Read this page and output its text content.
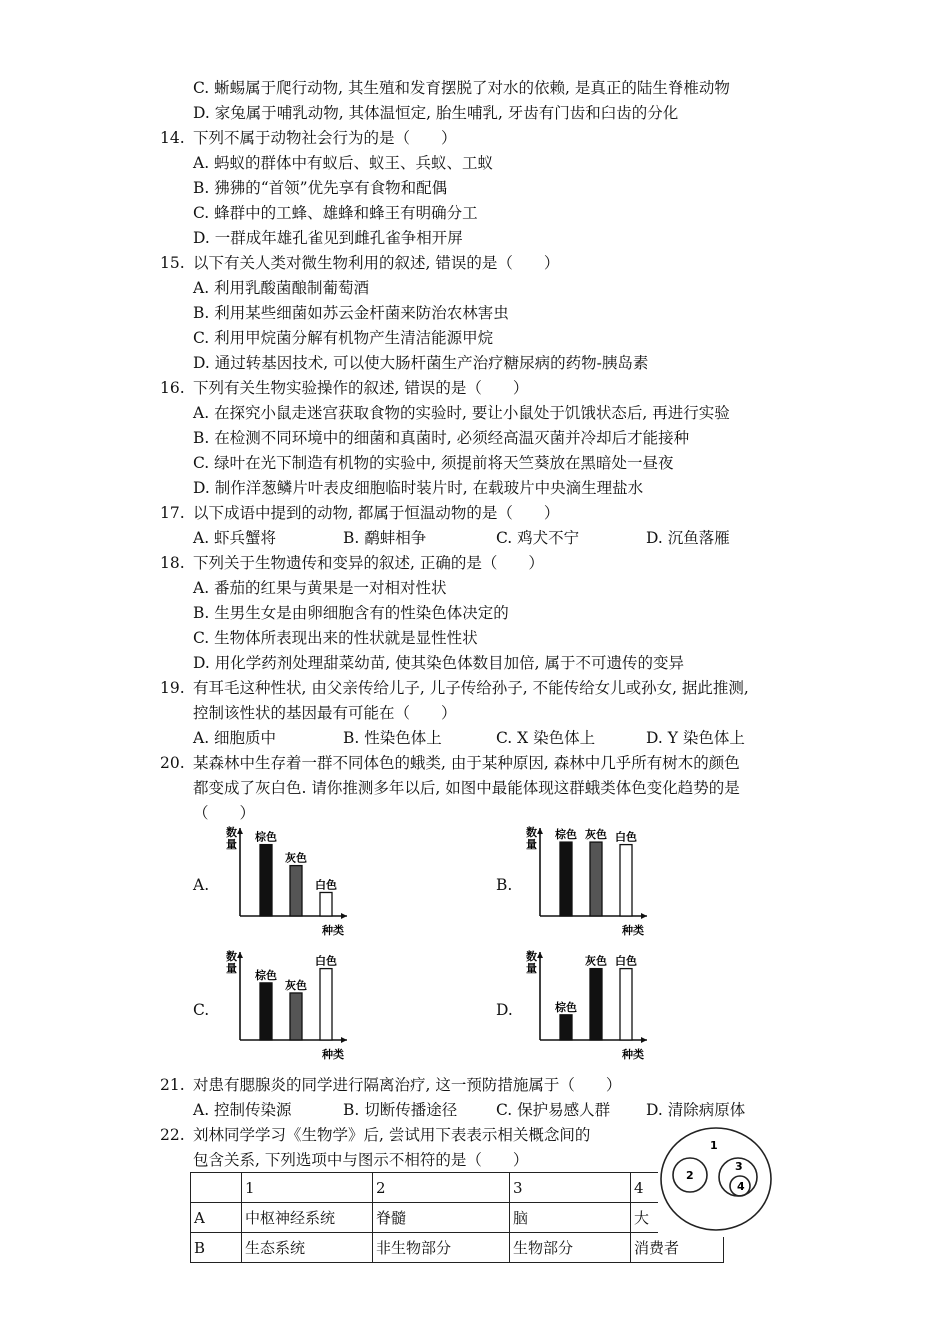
C. 蜥蜴属于爬行动物, 其生殖和发育摆脱了对水的依赖, 是真正的陆生脊椎动物
D. 家兔属于哺乳动物, 其体温恒定, 胎生哺乳, 牙齿有门齿和臼齿的分化
14. 下列不属于动物社会行为的是（　　）
A. 蚂蚁的群体中有蚁后、蚁王、兵蚁、工蚁
B. 狒狒的“首领”优先享有食物和配偶
C. 蜂群中的工蜂、雄蜂和蜂王有明确分工
D. 一群成年雄孔雀见到雌孔雀争相开屏
15. 以下有关人类对微生物利用的叙述, 错误的是（　　）
A. 利用乳酸菌酿制葡萄酒
B. 利用某些细菌如苏云金杆菌来防治农林害虫
C. 利用甲烷菌分解有机物产生清洁能源甲烷
D. 通过转基因技术, 可以使大肠杆菌生产治疗糖尿病的药物-胰岛素
16. 下列有关生物实验操作的叙述, 错误的是（　　）
A. 在探究小鼠走迷宫获取食物的实验时, 要让小鼠处于饥饿状态后, 再进行实验
B. 在检测不同环境中的细菌和真菌时, 必须经高温灭菌并冷却后才能接种
C. 绿叶在光下制造有机物的实验中, 须提前将天竺葵放在黑暗处一昼夜
D. 制作洋葱鳞片叶表皮细胞临时装片时, 在载玻片中央滴生理盐水
17. 以下成语中提到的动物, 都属于恒温动物的是（　　）
A. 虾兵蟹将	B. 鹬蚌相争	C. 鸡犬不宁	D. 沉鱼落雁
18. 下列关于生物遗传和变异的叙述, 正确的是（　　）
A. 番茄的红果与黄果是一对相对性状
B. 生男生女是由卵细胞含有的性染色体决定的
C. 生物体所表现出来的性状就是显性性状
D. 用化学药剂处理甜菜幼苗, 使其染色体数目加倍, 属于不可遗传的变异
19. 有耳毛这种性状, 由父亲传给儿子, 儿子传给孙子, 不能传给女儿或孙女, 据此推测,
控制该性状的基因最有可能在（　　）
A. 细胞质中	B. 性染色体上	C. X 染色体上	D. Y 染色体上
20. 某森林中生存着一群不同体色的蛾类, 由于某种原因, 森林中几乎所有树木的颜色
都变成了灰白色. 请你推测多年以后, 如图中最能体现这群蛾类体色变化趋势的是
（　　）
A.	B.
C.	D.
数
量
种类
棕色
灰色
白色
数
量
种类
棕色 灰色 白色
数
量
种类
棕色
灰色
白色	数
量
种类
棕色
灰色 白色
21. 对患有腮腺炎的同学进行隔离治疗, 这一预防措施属于（　　）
A. 控制传染源	B. 切断传播途径	C. 保护易感人群 D. 清除病原体
22. 刘林同学学习《生物学》后, 尝试用下表表示相关概念间的
包含关系, 下列选项中与图示不相符的是（　　）
	1	2	3	4
A	中枢神经系统	脊髓	脑	大
B	生态系统	非生物部分	生物部分	消费者
1
2
3
4
